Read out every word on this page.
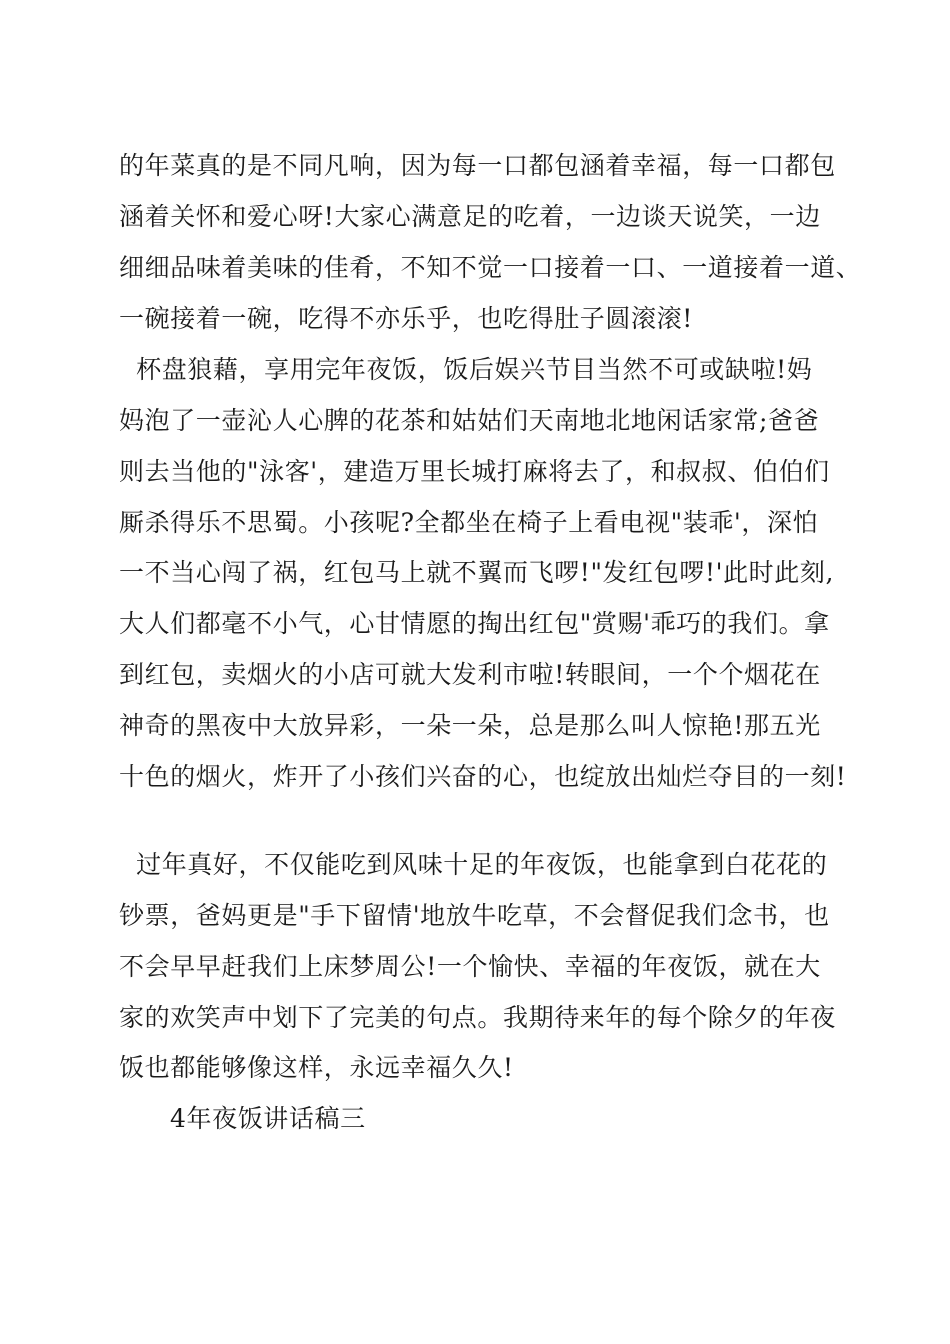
的年菜真的是不同凡响，因为每一口都包涵着幸福，每一口都包
涵着关怀和爱心呀!大家心满意足的吃着，一边谈天说笑，一边
细细品味着美味的佳肴，不知不觉一口接着一口、一道接着一道、
一碗接着一碗，吃得不亦乐乎，也吃得肚子圆滚滚!
杯盘狼藉，享用完年夜饭，饭后娱兴节目当然不可或缺啦!妈
妈泡了一壶沁人心脾的花茶和姑姑们天南地北地闲话家常;爸爸
则去当他的"泳客'，建造万里长城打麻将去了，和叔叔、伯伯们
厮杀得乐不思蜀。小孩呢?全都坐在椅子上看电视"装乖'，深怕
一不当心闯了祸，红包马上就不翼而飞啰!"发红包啰!'此时此刻,
大人们都毫不小气，心甘情愿的掏出红包"赏赐'乖巧的我们。拿
到红包，卖烟火的小店可就大发利市啦!转眼间，一个个烟花在
神奇的黑夜中大放异彩，一朵一朵，总是那么叫人惊艳!那五光
十色的烟火，炸开了小孩们兴奋的心，也绽放出灿烂夺目的一刻!
过年真好，不仅能吃到风味十足的年夜饭，也能拿到白花花的
钞票，爸妈更是"手下留情'地放牛吃草，不会督促我们念书，也
不会早早赶我们上床梦周公!一个愉快、幸福的年夜饭，就在大
家的欢笑声中划下了完美的句点。我期待来年的每个除夕的年夜
饭也都能够像这样，永远幸福久久!
4年夜饭讲话稿三
